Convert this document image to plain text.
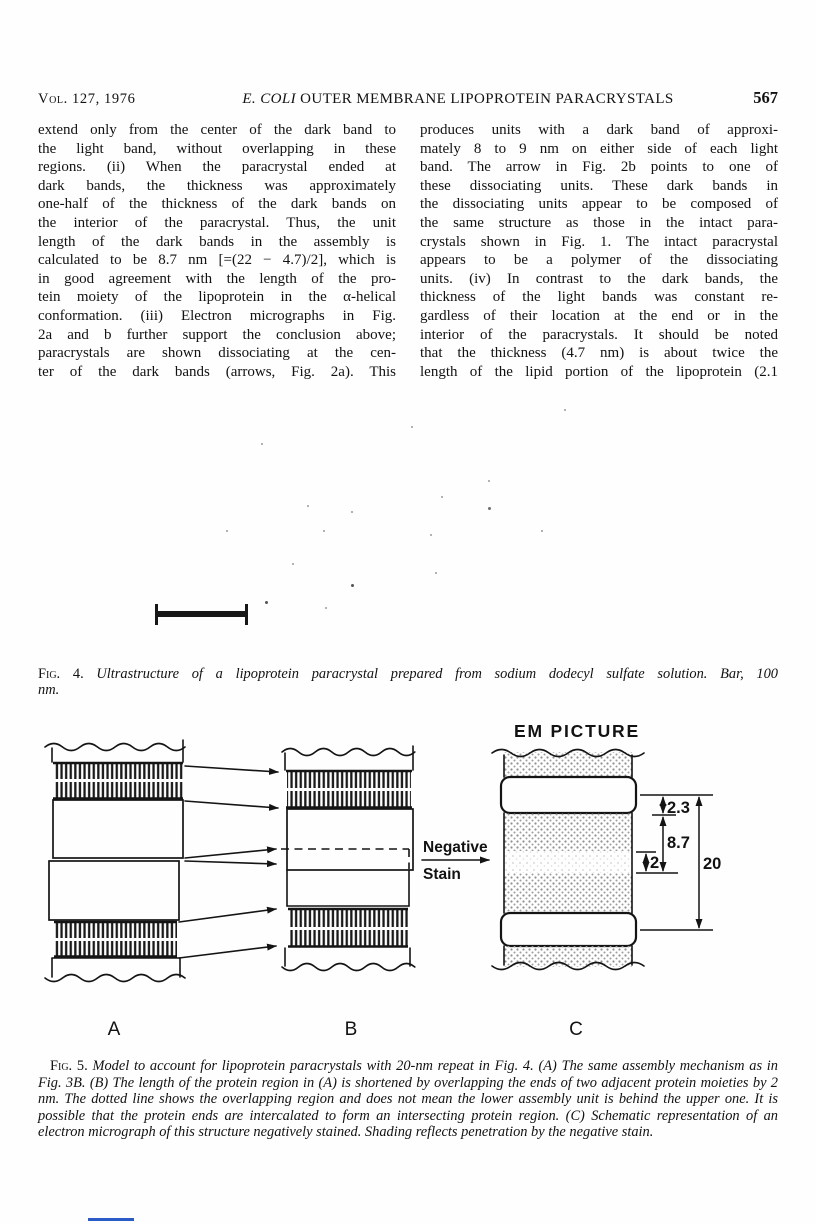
Vol. 127, 1976	E. COLI OUTER MEMBRANE LIPOPROTEIN PARACRYSTALS	567
extend only from the center of the dark band to
the light band, without overlapping in these
regions. (ii) When the paracrystal ended at
dark bands, the thickness was approximately
one-half of the thickness of the dark bands on
the interior of the paracrystal. Thus, the unit
length of the dark bands in the assembly is
calculated to be 8.7 nm [=(22 − 4.7)/2], which is
in good agreement with the length of the pro-
tein moiety of the lipoprotein in the α-helical
conformation. (iii) Electron micrographs in Fig.
2a and b further support the conclusion above;
paracrystals are shown dissociating at the cen-
ter of the dark bands (arrows, Fig. 2a). This
produces units with a dark band of approxi-
mately 8 to 9 nm on either side of each light
band. The arrow in Fig. 2b points to one of
these dissociating units. These dark bands in
the dissociating units appear to be composed of
the same structure as those in the intact para-
crystals shown in Fig. 1. The intact paracrystal
appears to be a polymer of the dissociating
units. (iv) In contrast to the dark bands, the
thickness of the light bands was constant re-
gardless of their location at the end or in the
interior of the paracrystals. It should be noted
that the thickness (4.7 nm) is about twice the
length of the lipid portion of the lipoprotein (2.1
Fig. 4. Ultrastructure of a lipoprotein paracrystal prepared from sodium dodecyl sulfate solution. Bar, 100
nm.
Negative
Stain
EM PICTURE
2.3
8.7
2	20
A	B	C

Fig. 5. Model to account for lipoprotein paracrystals with 20-nm repeat in Fig. 4. (A) The same assembly mechanism as in Fig. 3B. (B) The length of the protein region in (A) is shortened by overlapping the ends of two adjacent protein moieties by 2 nm. The dotted line shows the overlapping region and does not mean the lower assembly unit is behind the upper one. It is possible that the protein ends are intercalated to form an intersecting protein region. (C) Schematic representation of an electron micrograph of this structure negatively stained. Shading reflects penetration by the negative stain.
